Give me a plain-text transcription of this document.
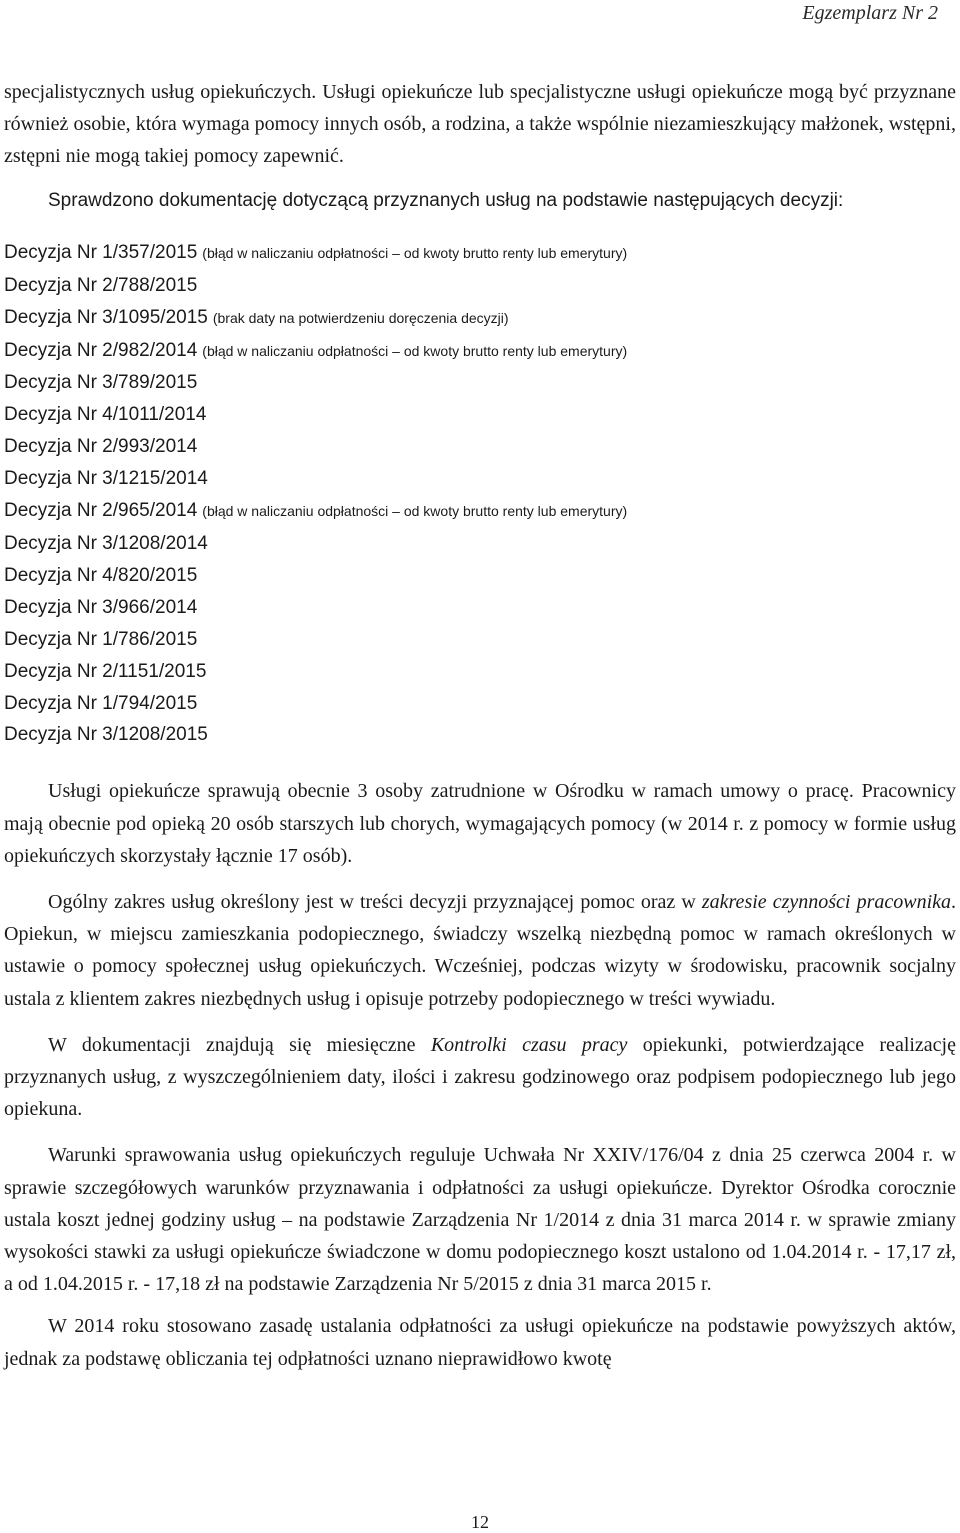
Egzemplarz Nr 2

specjalistycznych usług opiekuńczych. Usługi opiekuńcze lub specjalistyczne usługi opiekuńcze mogą być przyznane również osobie, która wymaga pomocy innych osób, a rodzina, a także wspólnie niezamieszkujący małżonek, wstępni, zstępni nie mogą takiej pomocy zapewnić.

Sprawdzono dokumentację dotyczącą przyznanych usług na podstawie następujących decyzji:

Decyzja Nr 1/357/2015 (błąd w naliczaniu odpłatności – od kwoty brutto renty lub emerytury)
Decyzja Nr 2/788/2015
Decyzja Nr 3/1095/2015 (brak daty na potwierdzeniu doręczenia decyzji)
Decyzja Nr 2/982/2014 (błąd w naliczaniu odpłatności – od kwoty brutto renty lub emerytury)
Decyzja Nr 3/789/2015
Decyzja Nr 4/1011/2014
Decyzja Nr 2/993/2014
Decyzja Nr 3/1215/2014
Decyzja Nr 2/965/2014 (błąd w naliczaniu odpłatności – od kwoty brutto renty lub emerytury)
Decyzja Nr 3/1208/2014
Decyzja Nr 4/820/2015
Decyzja Nr 3/966/2014
Decyzja Nr 1/786/2015
Decyzja Nr 2/1151/2015
Decyzja Nr 1/794/2015
Decyzja Nr 3/1208/2015

Usługi opiekuńcze sprawują obecnie 3 osoby zatrudnione w Ośrodku w ramach umowy o pracę. Pracownicy mają obecnie pod opieką 20 osób starszych lub chorych, wymagających pomocy (w 2014 r. z pomocy w formie usług opiekuńczych skorzystały łącznie 17 osób).

Ogólny zakres usług określony jest w treści decyzji przyznającej pomoc oraz w zakresie czynności pracownika. Opiekun, w miejscu zamieszkania podopiecznego, świadczy wszelką niezbędną pomoc w ramach określonych w ustawie o pomocy społecznej usług opiekuńczych. Wcześniej, podczas wizyty w środowisku, pracownik socjalny ustala z klientem zakres niezbędnych usług i opisuje potrzeby podopiecznego w treści wywiadu.

W dokumentacji znajdują się miesięczne Kontrolki czasu pracy opiekunki, potwierdzające realizację przyznanych usług, z wyszczególnieniem daty, ilości i zakresu godzinowego oraz podpisem podopiecznego lub jego opiekuna.

Warunki sprawowania usług opiekuńczych reguluje Uchwała Nr XXIV/176/04 z dnia 25 czerwca 2004 r. w sprawie szczegółowych warunków przyznawania i odpłatności za usługi opiekuńcze. Dyrektor Ośrodka corocznie ustala koszt jednej godziny usług – na podstawie Zarządzenia Nr 1/2014 z dnia 31 marca 2014 r. w sprawie zmiany wysokości stawki za usługi opiekuńcze świadczone w domu podopiecznego koszt ustalono od 1.04.2014 r. - 17,17 zł, a od 1.04.2015 r. - 17,18 zł na podstawie Zarządzenia Nr 5/2015 z dnia 31 marca 2015 r.

W 2014 roku stosowano zasadę ustalania odpłatności za usługi opiekuńcze na podstawie powyższych aktów, jednak za podstawę obliczania tej odpłatności uznano nieprawidłowo kwotę

12
